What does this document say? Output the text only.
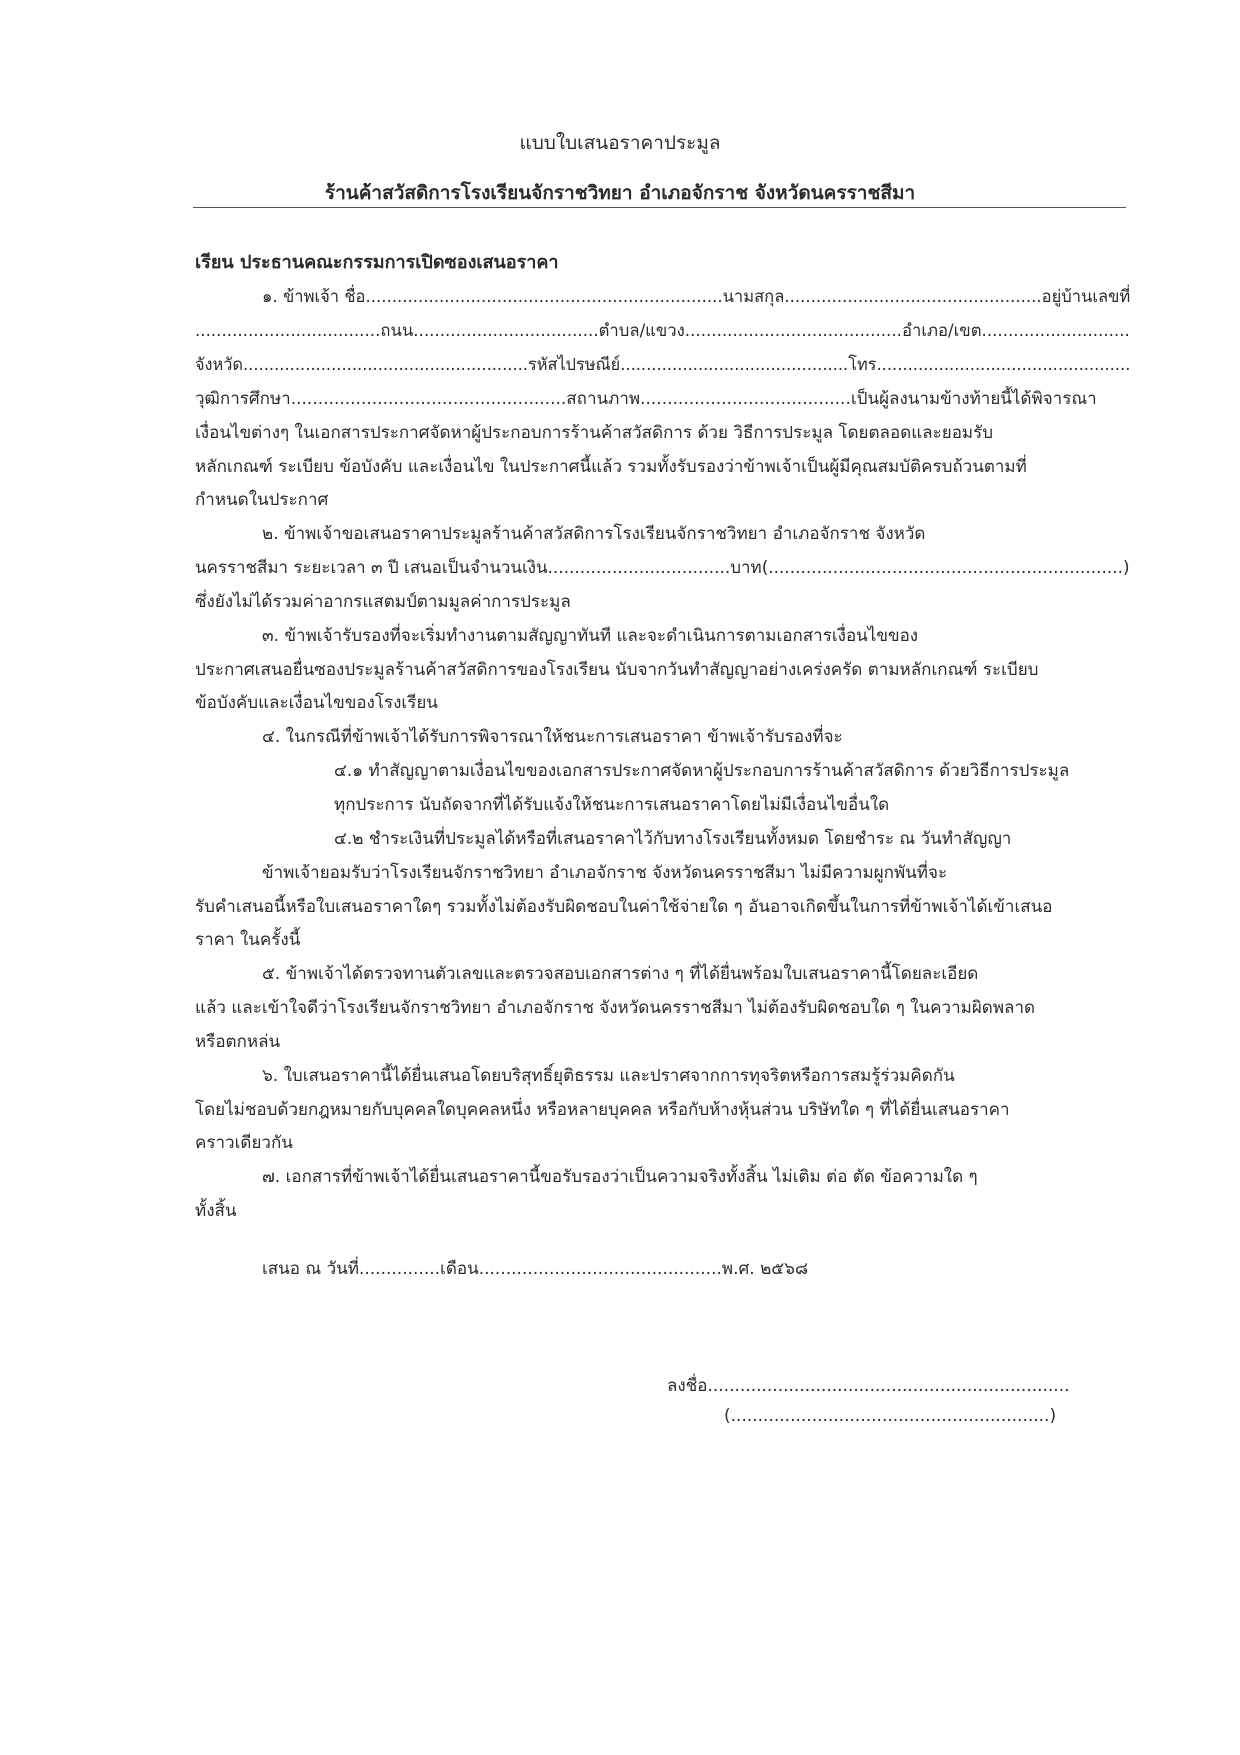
แบบใบเสนอราคาประมูล
ร้านค้าสวัสดิการโรงเรียนจักราชวิทยา อำเภอจักราช จังหวัดนครราชสีมา
เรียน ประธานคณะกรรมการเปิดซองเสนอราคา
๑. ข้าพเจ้า ชื่อ....................................................................นามสกุล.................................................อยู่บ้านเลขที่
...................................ถนน...................................ตำบล/แขวง.........................................อำเภอ/เขต............................
จังหวัด.......................................................รหัสไปรษณีย์............................................โทร.................................................
วุฒิการศึกษา...................................................สถานภาพ.......................................เป็นผู้ลงนามข้างท้ายนี้ได้พิจารณา
เงื่อนไขต่างๆ ในเอกสารประกาศจัดหาผู้ประกอบการร้านค้าสวัสดิการ ด้วย วิธีการประมูล โดยตลอดและยอมรับ
หลักเกณฑ์ ระเบียบ ข้อบังคับ และเงื่อนไข ในประกาศนี้แล้ว รวมทั้งรับรองว่าข้าพเจ้าเป็นผู้มีคุณสมบัติครบถ้วนตามที่
กำหนดในประกาศ
๒. ข้าพเจ้าขอเสนอราคาประมูลร้านค้าสวัสดิการโรงเรียนจักราชวิทยา อำเภอจักราช จังหวัด
นครราชสีมา ระยะเวลา ๓ ปี เสนอเป็นจำนวนเงิน..................................บาท(..................................................................)
ซึ่งยังไม่ได้รวมค่าอากรแสตมป์ตามมูลค่าการประมูล
๓. ข้าพเจ้ารับรองที่จะเริ่มทำงานตามสัญญาทันที และจะดำเนินการตามเอกสารเงื่อนไขของ
ประกาศเสนอยื่นซองประมูลร้านค้าสวัสดิการของโรงเรียน นับจากวันทำสัญญาอย่างเคร่งครัด ตามหลักเกณฑ์ ระเบียบ
ข้อบังคับและเงื่อนไขของโรงเรียน
๔. ในกรณีที่ข้าพเจ้าได้รับการพิจารณาให้ชนะการเสนอราคา ข้าพเจ้ารับรองที่จะ
๔.๑ ทำสัญญาตามเงื่อนไขของเอกสารประกาศจัดหาผู้ประกอบการร้านค้าสวัสดิการ ด้วยวิธีการประมูล
ทุกประการ นับถัดจากที่ได้รับแจ้งให้ชนะการเสนอราคาโดยไม่มีเงื่อนไขอื่นใด
๔.๒ ชำระเงินที่ประมูลได้หรือที่เสนอราคาไว้กับทางโรงเรียนทั้งหมด โดยชำระ ณ วันทำสัญญา
ข้าพเจ้ายอมรับว่าโรงเรียนจักราชวิทยา อำเภอจักราช จังหวัดนครราชสีมา ไม่มีความผูกพันที่จะ
รับคำเสนอนี้หรือใบเสนอราคาใดๆ รวมทั้งไม่ต้องรับผิดชอบในค่าใช้จ่ายใด ๆ อันอาจเกิดขึ้นในการที่ข้าพเจ้าได้เข้าเสนอ
ราคา ในครั้งนี้
๕. ข้าพเจ้าได้ตรวจทานตัวเลขและตรวจสอบเอกสารต่าง ๆ ที่ได้ยื่นพร้อมใบเสนอราคานี้โดยละเอียด
แล้ว และเข้าใจดีว่าโรงเรียนจักราชวิทยา อำเภอจักราช จังหวัดนครราชสีมา ไม่ต้องรับผิดชอบใด ๆ ในความผิดพลาด
หรือตกหล่น
๖. ใบเสนอราคานี้ได้ยื่นเสนอโดยบริสุทธิ์ยุติธรรม และปราศจากการทุจริตหรือการสมรู้ร่วมคิดกัน
โดยไม่ชอบด้วยกฎหมายกับบุคคลใดบุคคลหนึ่ง หรือหลายบุคคล หรือกับห้างหุ้นส่วน บริษัทใด ๆ ที่ได้ยื่นเสนอราคา
คราวเดียวกัน
๗. เอกสารที่ข้าพเจ้าได้ยื่นเสนอราคานี้ขอรับรองว่าเป็นความจริงทั้งสิ้น ไม่เติม ต่อ ตัด ข้อความใด ๆ
ทั้งสิ้น
เสนอ ณ วันที่...............เดือน.............................................พ.ศ. ๒๕๖๘
ลงชื่อ...................................................................
(...........................................................)
